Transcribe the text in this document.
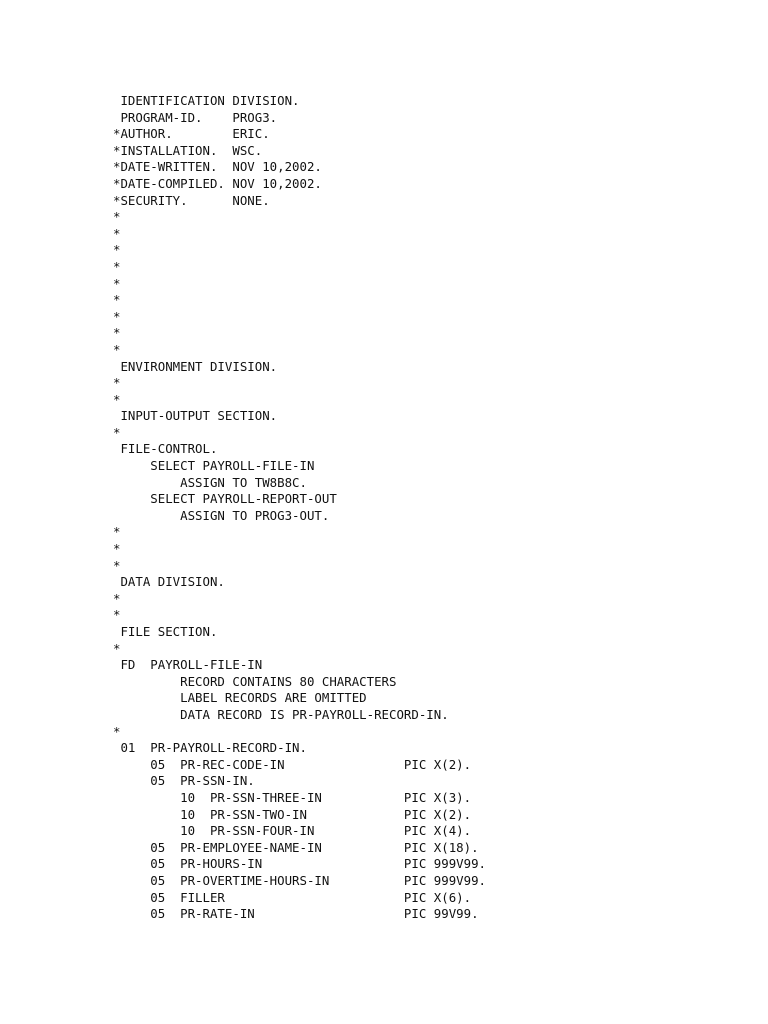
IDENTIFICATION DIVISION.
PROGRAM-ID.    PROG3.
*AUTHOR.        ERIC.
*INSTALLATION.  WSC.
*DATE-WRITTEN.  NOV 10,2002.
*DATE-COMPILED. NOV 10,2002.
*SECURITY.      NONE.
*
*
*
*
*
*
*
*
*
ENVIRONMENT DIVISION.
*
*
INPUT-OUTPUT SECTION.
*
FILE-CONTROL.
SELECT PAYROLL-FILE-IN
ASSIGN TO TW8B8C.
SELECT PAYROLL-REPORT-OUT
ASSIGN TO PROG3-OUT.
*
*
*
DATA DIVISION.
*
*
FILE SECTION.
*
FD  PAYROLL-FILE-IN
RECORD CONTAINS 80 CHARACTERS
LABEL RECORDS ARE OMITTED
DATA RECORD IS PR-PAYROLL-RECORD-IN.
*
01  PR-PAYROLL-RECORD-IN.
05  PR-REC-CODE-IN                PIC X(2).
05  PR-SSN-IN.
10  PR-SSN-THREE-IN           PIC X(3).
10  PR-SSN-TWO-IN             PIC X(2).
10  PR-SSN-FOUR-IN            PIC X(4).
05  PR-EMPLOYEE-NAME-IN           PIC X(18).
05  PR-HOURS-IN                   PIC 999V99.
05  PR-OVERTIME-HOURS-IN          PIC 999V99.
05  FILLER                        PIC X(6).
05  PR-RATE-IN                    PIC 99V99.
